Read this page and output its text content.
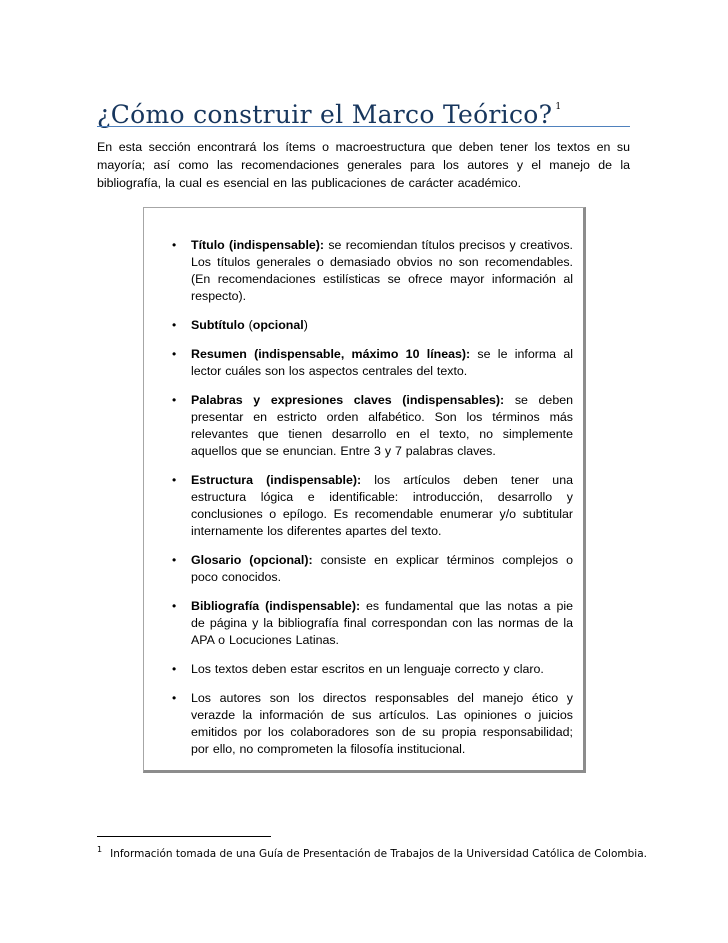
¿Cómo construir el Marco Teórico? $^1$

En esta sección encontrará los ítems o macroestructura que deben tener los textos en su mayoría; así como las recomendaciones generales para los autores y el manejo de la bibliografía, la cual es esencial en las publicaciones de carácter académico.

• Título (indispensable): se recomiendan títulos precisos y creativos. Los títulos generales o demasiado obvios no son recomendables. (En recomendaciones estilísticas se ofrece mayor información al respecto).
• Subtítulo (opcional)
• Resumen (indispensable, máximo 10 líneas): se le informa al lector cuáles son los aspectos centrales del texto.
• Palabras y expresiones claves (indispensables): se deben presentar en estricto orden alfabético. Son los términos más relevantes que tienen desarrollo en el texto, no simplemente aquellos que se enuncian. Entre 3 y 7 palabras claves.
• Estructura (indispensable): los artículos deben tener una estructura lógica e identificable: introducción, desarrollo y conclusiones o epílogo. Es recomendable enumerar y/o subtitular internamente los diferentes apartes del texto.
• Glosario (opcional): consiste en explicar términos complejos o poco conocidos.
• Bibliografía (indispensable): es fundamental que las notas a pie de página y la bibliografía final correspondan con las normas de la APA o Locuciones Latinas.
• Los textos deben estar escritos en un lenguaje correcto y claro.
• Los autores son los directos responsables del manejo ético y verazde la información de sus artículos. Las opiniones o juicios emitidos por los colaboradores son de su propia responsabilidad; por ello, no comprometen la filosofía institucional.
$^1$ Información tomada de una Guía de Presentación de Trabajos de la Universidad Católica de Colombia.
